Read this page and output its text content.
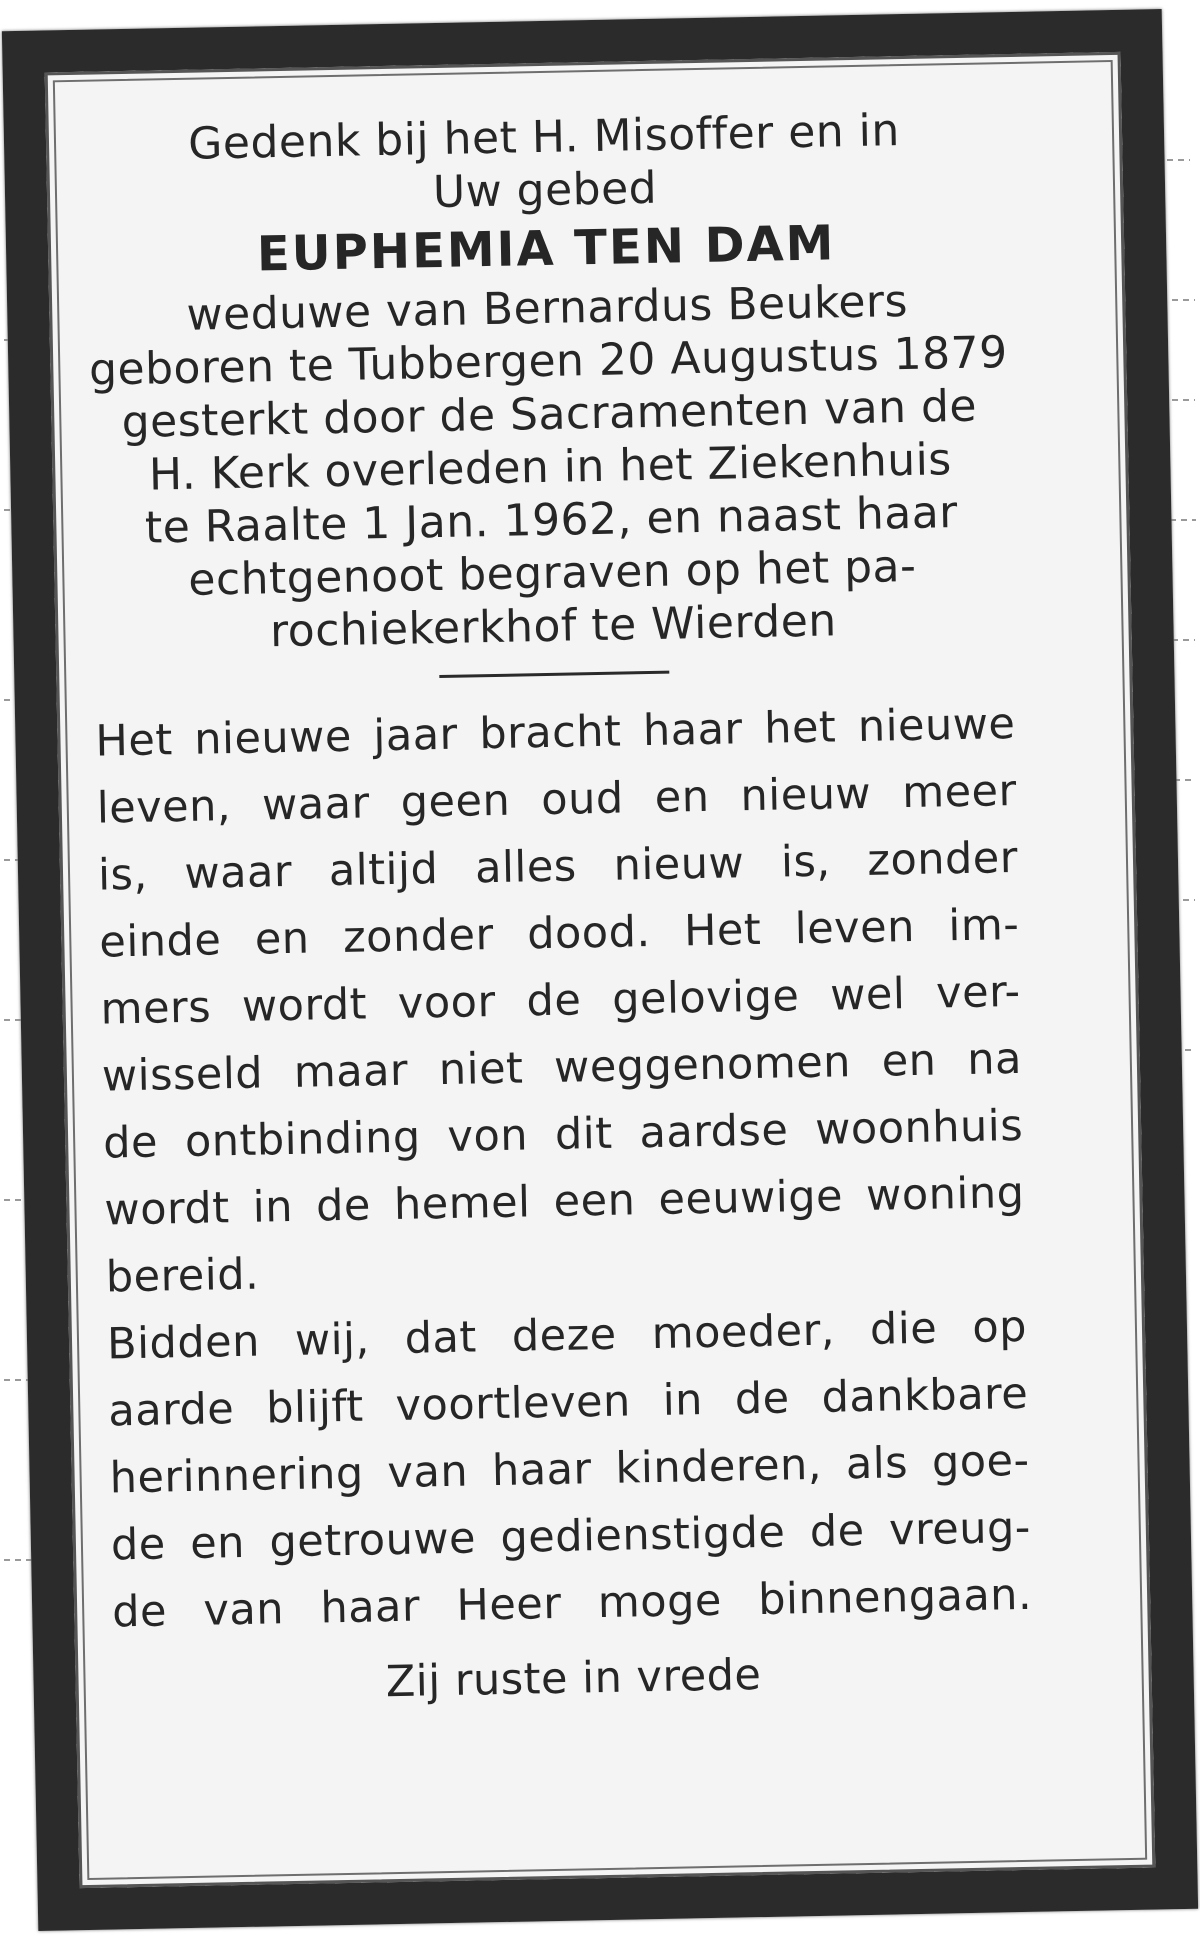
Gedenk bij het H. Misoffer en in
Uw gebed
EUPHEMIA TEN DAM
weduwe van Bernardus Beukers
geboren te Tubbergen 20 Augustus 1879
gesterkt door de Sacramenten van de
H. Kerk overleden in het Ziekenhuis
te Raalte 1 Jan. 1962, en naast haar
echtgenoot begraven op het pa-
rochiekerkhof te Wierden
Het nieuwe jaar bracht haar het nieuwe
leven, waar geen oud en nieuw meer
is, waar altijd alles nieuw is, zonder
einde en zonder dood. Het leven im-
mers wordt voor de gelovige wel ver-
wisseld maar niet weggenomen en na
de ontbinding von dit aardse woonhuis
wordt in de hemel een eeuwige woning
bereid.
Bidden wij, dat deze moeder, die op
aarde blijft voortleven in de dankbare
herinnering van haar kinderen, als goe-
de en getrouwe gedienstigde de vreug-
de van haar Heer moge binnengaan.
Zij ruste in vrede
